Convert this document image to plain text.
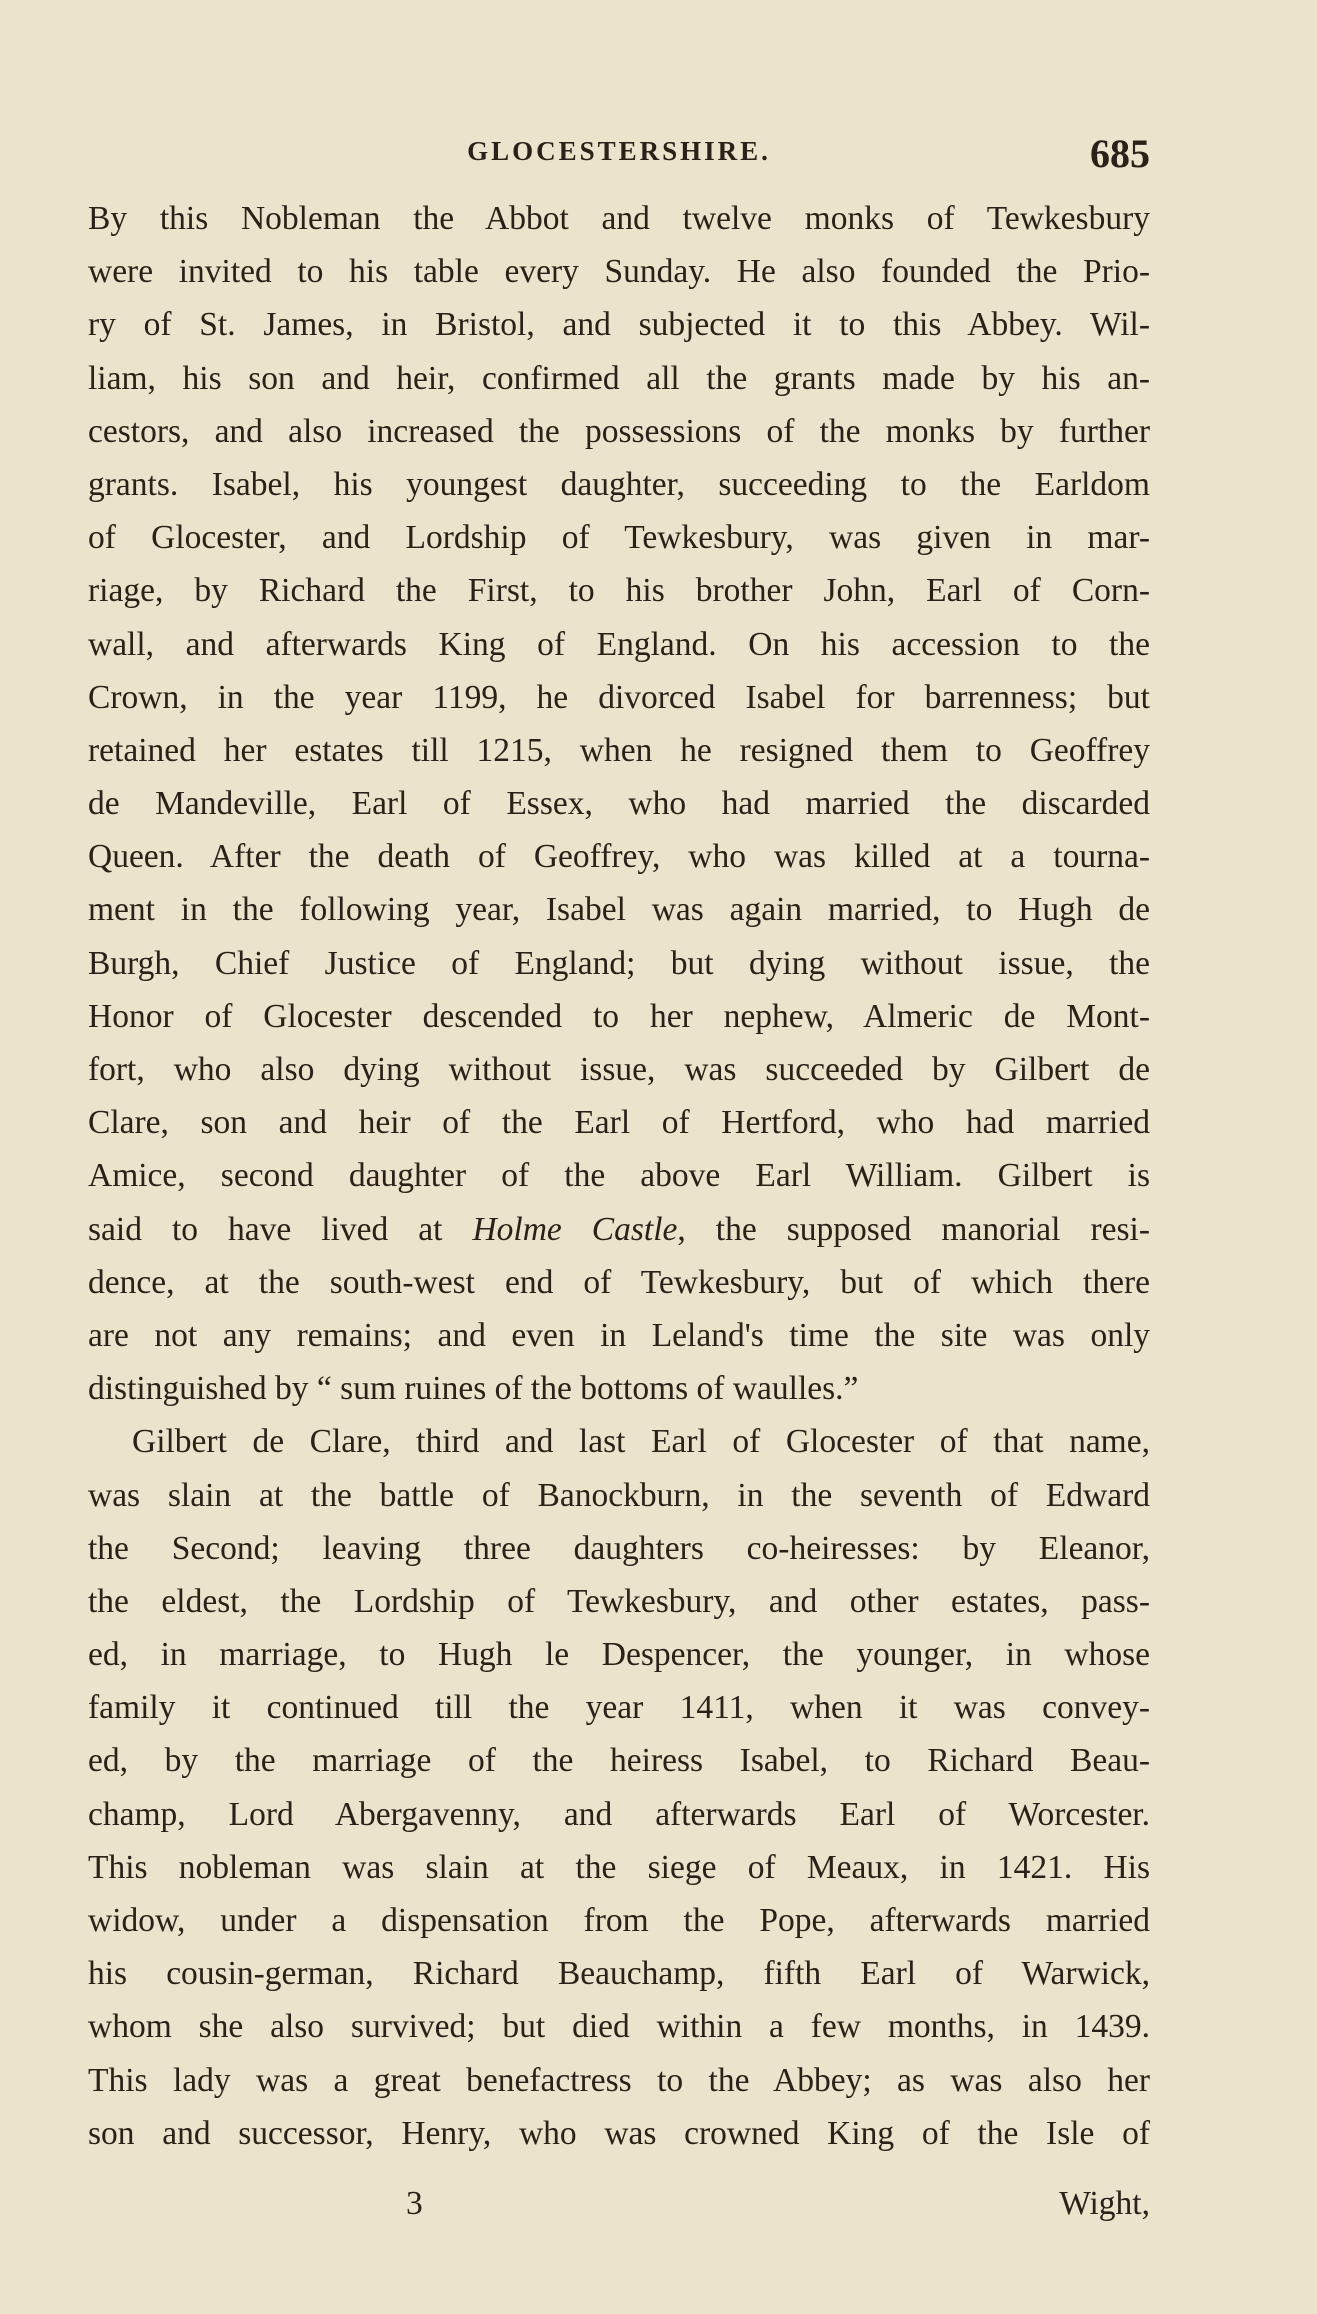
GLOCESTERSHIRE.	685
By this Nobleman the Abbot and twelve monks of Tewkesbury
were invited to his table every Sunday. He also founded the Prio-
ry of St. James, in Bristol, and subjected it to this Abbey. Wil-
liam, his son and heir, confirmed all the grants made by his an-
cestors, and also increased the possessions of the monks by further
grants. Isabel, his youngest daughter, succeeding to the Earldom
of Glocester, and Lordship of Tewkesbury, was given in mar-
riage, by Richard the First, to his brother John, Earl of Corn-
wall, and afterwards King of England. On his accession to the
Crown, in the year 1199, he divorced Isabel for barrenness; but
retained her estates till 1215, when he resigned them to Geoffrey
de Mandeville, Earl of Essex, who had married the discarded
Queen. After the death of Geoffrey, who was killed at a tourna-
ment in the following year, Isabel was again married, to Hugh de
Burgh, Chief Justice of England; but dying without issue, the
Honor of Glocester descended to her nephew, Almeric de Mont-
fort, who also dying without issue, was succeeded by Gilbert de
Clare, son and heir of the Earl of Hertford, who had married
Amice, second daughter of the above Earl William. Gilbert is
said to have lived at Holme Castle, the supposed manorial resi-
dence, at the south-west end of Tewkesbury, but of which there
are not any remains; and even in Leland's time the site was only
distinguished by “ sum ruines of the bottoms of waulles.”
Gilbert de Clare, third and last Earl of Glocester of that name,
was slain at the battle of Banockburn, in the seventh of Edward
the Second; leaving three daughters co-heiresses: by Eleanor,
the eldest, the Lordship of Tewkesbury, and other estates, pass-
ed, in marriage, to Hugh le Despencer, the younger, in whose
family it continued till the year 1411, when it was convey-
ed, by the marriage of the heiress Isabel, to Richard Beau-
champ, Lord Abergavenny, and afterwards Earl of Worcester.
This nobleman was slain at the siege of Meaux, in 1421. His
widow, under a dispensation from the Pope, afterwards married
his cousin-german, Richard Beauchamp, fifth Earl of Warwick,
whom she also survived; but died within a few months, in 1439.
This lady was a great benefactress to the Abbey; as was also her
son and successor, Henry, who was crowned King of the Isle of
3	Wight,
